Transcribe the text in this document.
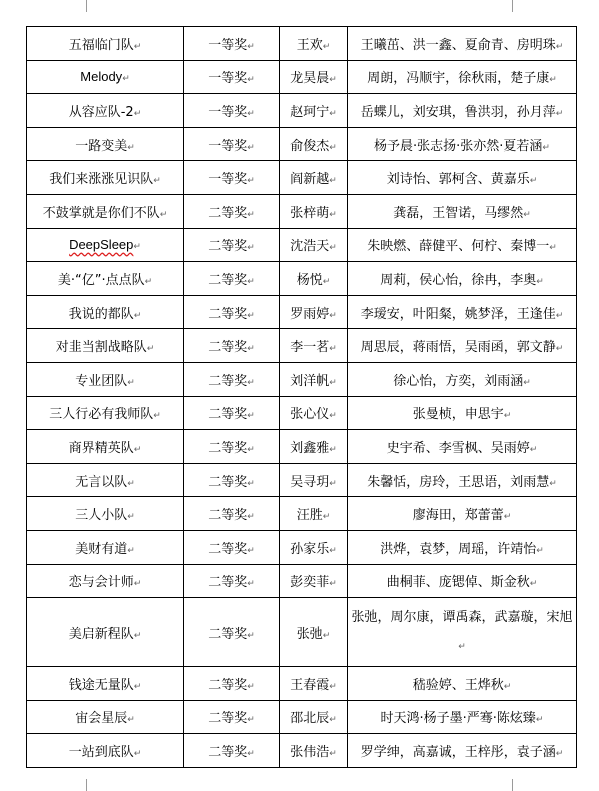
五福临门队↵	一等奖↵	王欢↵	王曦茁、洪一鑫、夏俞青、房明珠↵
Melody↵	一等奖↵	龙昊晨↵	周朗，冯顺宇，徐秋雨，楚子康↵
从容应队-2↵	一等奖↵	赵珂宁↵	岳蝶儿，刘安琪，鲁洪羽，孙月萍↵
一路变美↵	一等奖↵	俞俊杰↵	杨予晨·张志扬·张亦然·夏若涵↵
我们来涨涨见识队↵	一等奖↵	阎新越↵	刘诗怡、郭柯含、黄嘉乐↵
不鼓掌就是你们不队↵	二等奖↵	张梓萌↵	龚磊，王智诺，马缪然↵
DeepSleep↵	二等奖↵	沈浩天↵	朱映燃、薛健平、何柠、秦博一↵
美·“亿”·点点队↵	二等奖↵	杨悦↵	周莉，侯心怡，徐冉，李奥↵
我说的都队↵	二等奖↵	罗雨婷↵	李瑷安，叶阳粲，姚梦泽，王逢佳↵
对韭当割战略队↵	二等奖↵	李一茗↵	周思辰，蒋雨悟，吴雨函，郭文静↵
专业团队↵	二等奖↵	刘洋帆↵	徐心怡，方奕，刘雨涵↵
三人行必有我师队↵	二等奖↵	张心仪↵	张曼桢，申思宇↵
商界精英队↵	二等奖↵	刘鑫雅↵	史宇希、李雪枫、吴雨婷↵
无言以队↵	二等奖↵	吴寻玥↵	朱馨恬，房玲，王思语，刘雨慧↵
三人小队↵	二等奖↵	汪胜↵	廖海田，郑蕾蕾↵
美财有道↵	二等奖↵	孙家乐↵	洪烨，袁梦，周瑶，许靖怡↵
恋与会计师↵	二等奖↵	彭奕菲↵	曲桐菲、庞锶倬、斯金秋↵
美启新程队↵	二等奖↵	张弛↵	张弛，周尔康，谭禹森，武嘉璇，宋旭↵
钱途无量队↵	二等奖↵	王春霞↵	嵇验婷、王烨秋↵
宙会星辰↵	二等奖↵	邵北辰↵	时天鸿·杨子墨·严骞·陈炫臻↵
一站到底队↵	二等奖↵	张伟浩↵	罗学绅，高嘉诚，王梓彤，袁子涵↵
